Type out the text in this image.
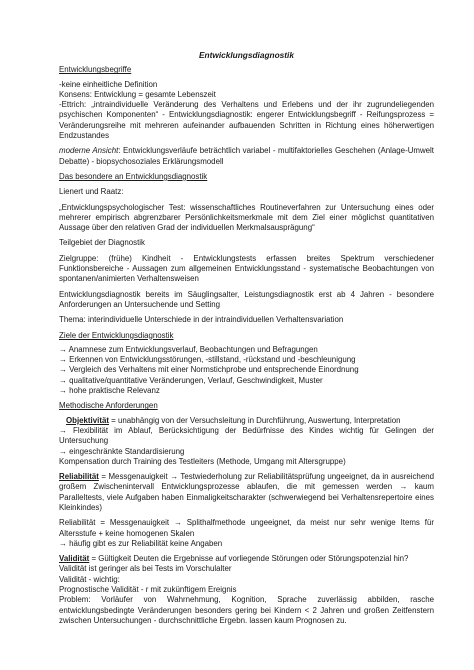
Entwicklungsdiagnostik

Entwicklungsbegriffe

-keine einheitliche Definition

Konsens: Entwicklung = gesamte Lebenszeit

-Ettrich: „intraindividuelle Veränderung des Verhaltens und Erlebens und der ihr zugrundeliegenden psychischen Komponenten“ - Entwicklungsdiagnostik: engerer Entwicklungsbegriff - Reifungsprozess = Veränderungsreihe mit mehreren aufeinander aufbauenden Schritten in Richtung eines höherwertigen Endzustandes

moderne Ansicht: Entwicklungsverläufe beträchtlich variabel - multifaktorielles Geschehen (Anlage-Umwelt Debatte) - biopsychosoziales Erklärungsmodell

Das besondere an Entwicklungsdiagnostik

Lienert und Raatz:

„Entwicklungspsychologischer Test: wissenschaftliches Routineverfahren zur Untersuchung eines oder mehrerer empirisch abgrenzbarer Persönlichkeitsmerkmale mit dem Ziel einer möglichst quantitativen Aussage über den relativen Grad der individuellen Merkmalsausprägung“

Teilgebiet der Diagnostik

Zielgruppe: (frühe) Kindheit - Entwicklungstests erfassen breites Spektrum verschiedener Funktionsbereiche - Aussagen zum allgemeinen Entwicklungsstand - systematische Beobachtungen von spontanen/animierten Verhaltensweisen

Entwicklungsdiagnostik bereits im Säuglingsalter, Leistungsdiagnostik erst ab 4 Jahren - besondere Anforderungen an Untersuchende und Setting

Thema: interindividuelle Unterschiede in der intraindividuellen Verhaltensvariation

Ziele der Entwicklungsdiagnostik

→ Anamnese zum Entwicklungsverlauf, Beobachtungen und Befragungen

→ Erkennen von Entwicklungsstörungen, -stillstand, -rückstand und -beschleunigung

→ Vergleich des Verhaltens mit einer Normstichprobe und entsprechende Einordnung

→ qualitative/quantitative Veränderungen, Verlauf, Geschwindigkeit, Muster

→ hohe praktische Relevanz

Methodische Anforderungen

Objektivität = unabhängig von der Versuchsleitung in Durchführung, Auswertung, Interpretation

→ Flexibilität im Ablauf, Berücksichtigung der Bedürfnisse des Kindes wichtig für Gelingen der Untersuchung

→ eingeschränkte Standardisierung

Kompensation durch Training des Testleiters (Methode, Umgang mit Altersgruppe)

Reliabilität = Messgenauigkeit → Testwiederholung zur Reliabilitätsprüfung ungeeignet, da in ausreichend großem Zwischenintervall Entwicklungsprozesse ablaufen, die mit gemessen werden → kaum Paralleltests, viele Aufgaben haben Einmaligkeitscharakter (schwerwiegend bei Verhaltensrepertoire eines Kleinkindes)

Reliabilität = Messgenauigkeit → Splithalfmethode ungeeignet, da meist nur sehr wenige Items für Altersstufe + keine homogenen Skalen

→ häufig gibt es zur Reliabilität keine Angaben

Validität = Gültigkeit Deuten die Ergebnisse auf vorliegende Störungen oder Störungspotenzial hin?

Validität ist geringer als bei Tests im Vorschulalter

Validität - wichtig:

Prognostische Validität - r mit zukünftigem Ereignis

Problem: Vorläufer von Wahrnehmung, Kognition, Sprache zuverlässig abbilden, rasche entwicklungsbedingte Veränderungen besonders gering bei Kindern < 2 Jahren und großen Zeitfenstern zwischen Untersuchungen - durchschnittliche Ergebn. lassen kaum Prognosen zu.
